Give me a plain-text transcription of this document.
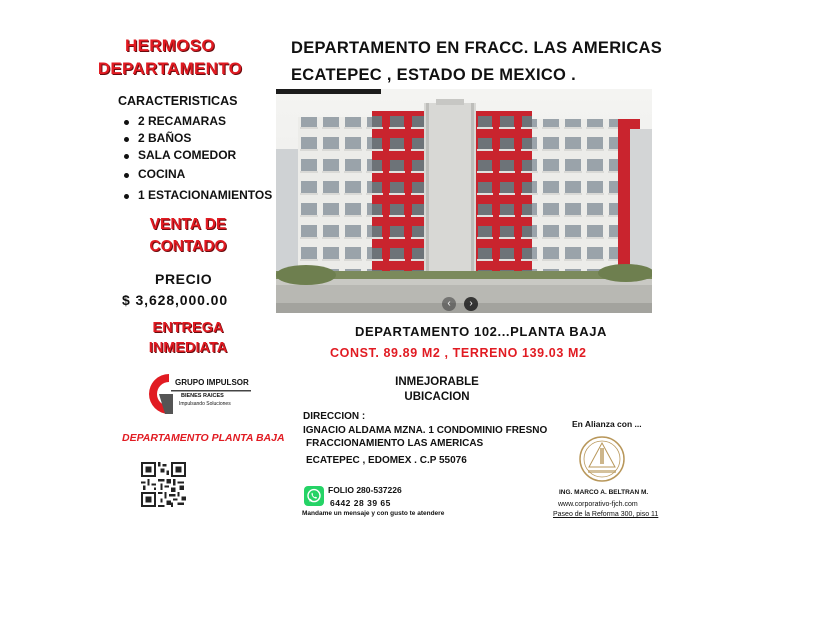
HERMOSO
DEPARTAMENTO
CARACTERISTICAS
2 RECAMARAS
2 BAÑOS
SALA COMEDOR
COCINA
1 ESTACIONAMIENTOS
VENTA DE
CONTADO
PRECIO
$ 3,628,000.00
ENTREGA
INMEDIATA
GRUPO IMPULSOR
BIENES RAICES
Impulsando Soluciones
DEPARTAMENTO PLANTA BAJA
DEPARTAMENTO EN FRACC. LAS AMERICAS
ECATEPEC , ESTADO DE MEXICO .
‹	›
DEPARTAMENTO 102...PLANTA BAJA
CONST. 89.89 M2 , TERRENO 139.03 M2
INMEJORABLE
UBICACION
DIRECCION :
IGNACIO ALDAMA MZNA. 1 CONDOMINIO FRESNO
FRACCIONAMIENTO LAS AMERICAS
ECATEPEC , EDOMEX . C.P 55076
FOLIO 280-537226
6442 28 39 65
Mandame un mensaje y con gusto te atendere
En Alianza con ...
ING. MARCO A. BELTRAN M.
www.corporativo-fjch.com
Paseo de la Reforma 300, piso 11
